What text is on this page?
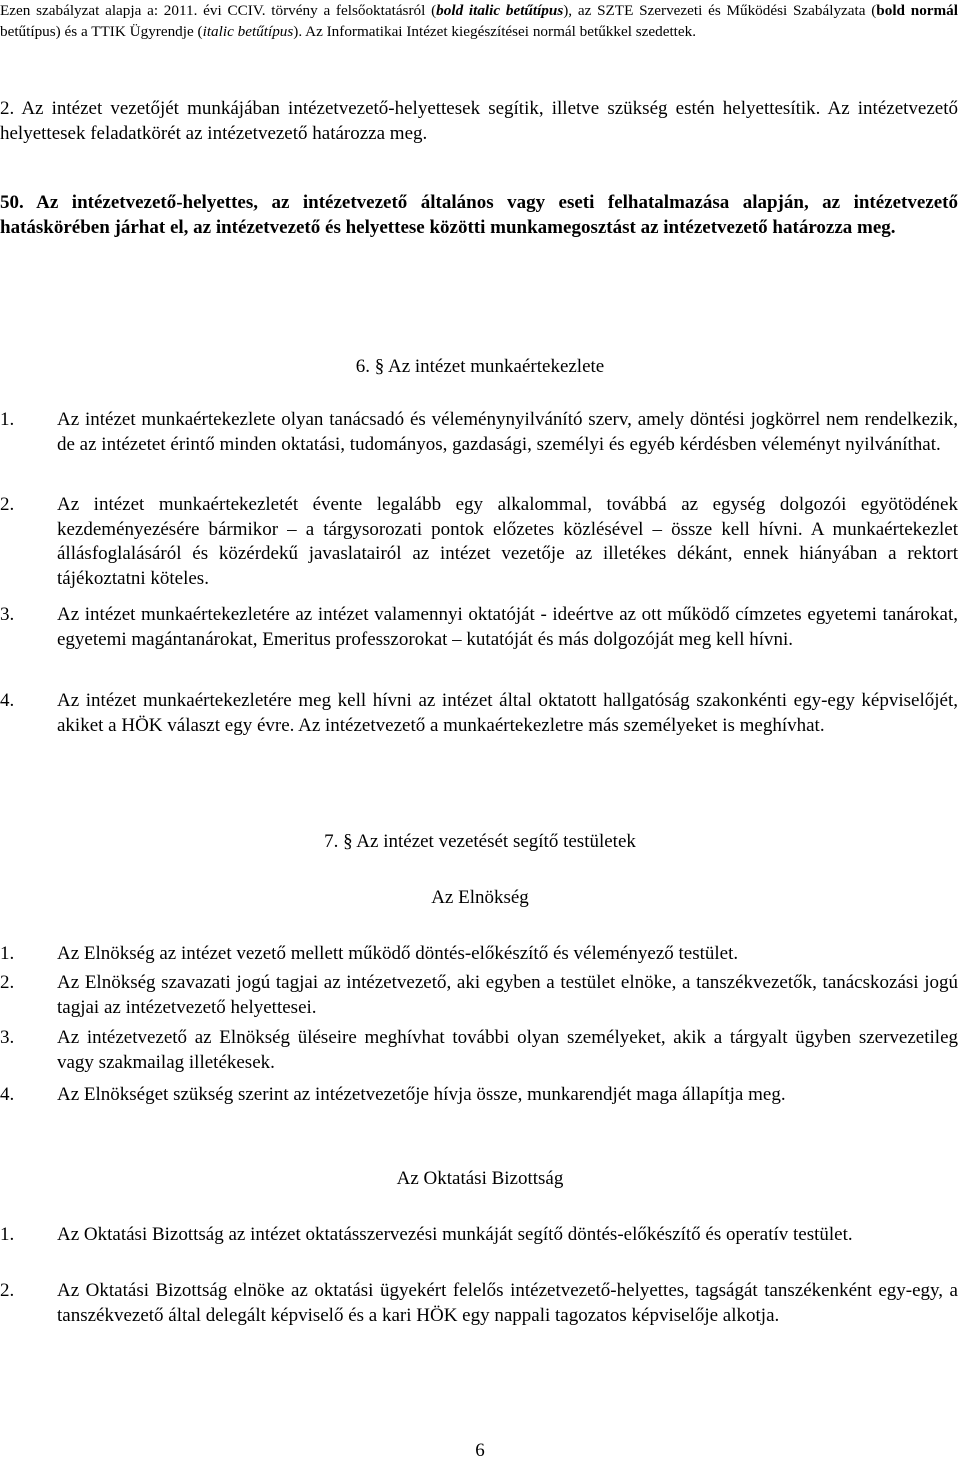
Ezen szabályzat alapja a: 2011. évi CCIV. törvény a felsőoktatásról (bold italic betűtípus), az SZTE Szervezeti és Működési Szabályzata (bold normál betűtípus) és a TTIK Ügyrendje (italic betűtípus). Az Informatikai Intézet kiegészítései normál betűkkel szedettek.
2. Az intézet vezetőjét munkájában intézetvezető-helyettesek segítik, illetve szükség estén helyettesítik. Az intézetvezető helyettesek feladatkörét az intézetvezető határozza meg.
50. Az intézetvezető-helyettes, az intézetvezető általános vagy eseti felhatalmazása alapján, az intézetvezető hatáskörében járhat el, az intézetvezető és helyettese közötti munkamegosztást az intézetvezető határozza meg.
6. § Az intézet munkaértekezlete
1.	Az intézet munkaértekezlete olyan tanácsadó és véleménynyilvánító szerv, amely döntési jogkörrel nem rendelkezik, de az intézetet érintő minden oktatási, tudományos, gazdasági, személyi és egyéb kérdésben véleményt nyilváníthat.
2.	Az intézet munkaértekezletét évente legalább egy alkalommal, továbbá az egység dolgozói egyötödének kezdeményezésére bármikor – a tárgysorozati pontok előzetes közlésével – össze kell hívni. A munkaértekezlet állásfoglalásáról és közérdekű javaslatairól az intézet vezetője az illetékes dékánt, ennek hiányában a rektort tájékoztatni köteles.
3.	Az intézet munkaértekezletére az intézet valamennyi oktatóját - ideértve az ott működő címzetes egyetemi tanárokat, egyetemi magántanárokat, Emeritus professzorokat – kutatóját és más dolgozóját meg kell hívni.
4.	Az intézet munkaértekezletére meg kell hívni az intézet által oktatott hallgatóság szakonkénti egy-egy képviselőjét, akiket a HÖK választ egy évre. Az intézetvezető a munkaértekezletre más személyeket is meghívhat.
7. § Az intézet vezetését segítő testületek
Az Elnökség
1.	Az Elnökség az intézet vezető mellett működő döntés-előkészítő és véleményező testület.
2.	Az Elnökség szavazati jogú tagjai az intézetvezető, aki egyben a testület elnöke, a tanszékvezetők, tanácskozási jogú tagjai az intézetvezető helyettesei.
3.	Az intézetvezető az Elnökség üléseire meghívhat további olyan személyeket, akik a tárgyalt ügyben szervezetileg vagy szakmailag illetékesek.
4.	Az Elnökséget szükség szerint az intézetvezetője hívja össze, munkarendjét maga állapítja meg.
Az Oktatási Bizottság
1.	Az Oktatási Bizottság az intézet oktatásszervezési munkáját segítő döntés-előkészítő és operatív testület.
2.	Az Oktatási Bizottság elnöke az oktatási ügyekért felelős intézetvezető-helyettes, tagságát tanszékenként egy-egy, a tanszékvezető által delegált képviselő és a kari HÖK egy nappali tagozatos képviselője alkotja.
6
